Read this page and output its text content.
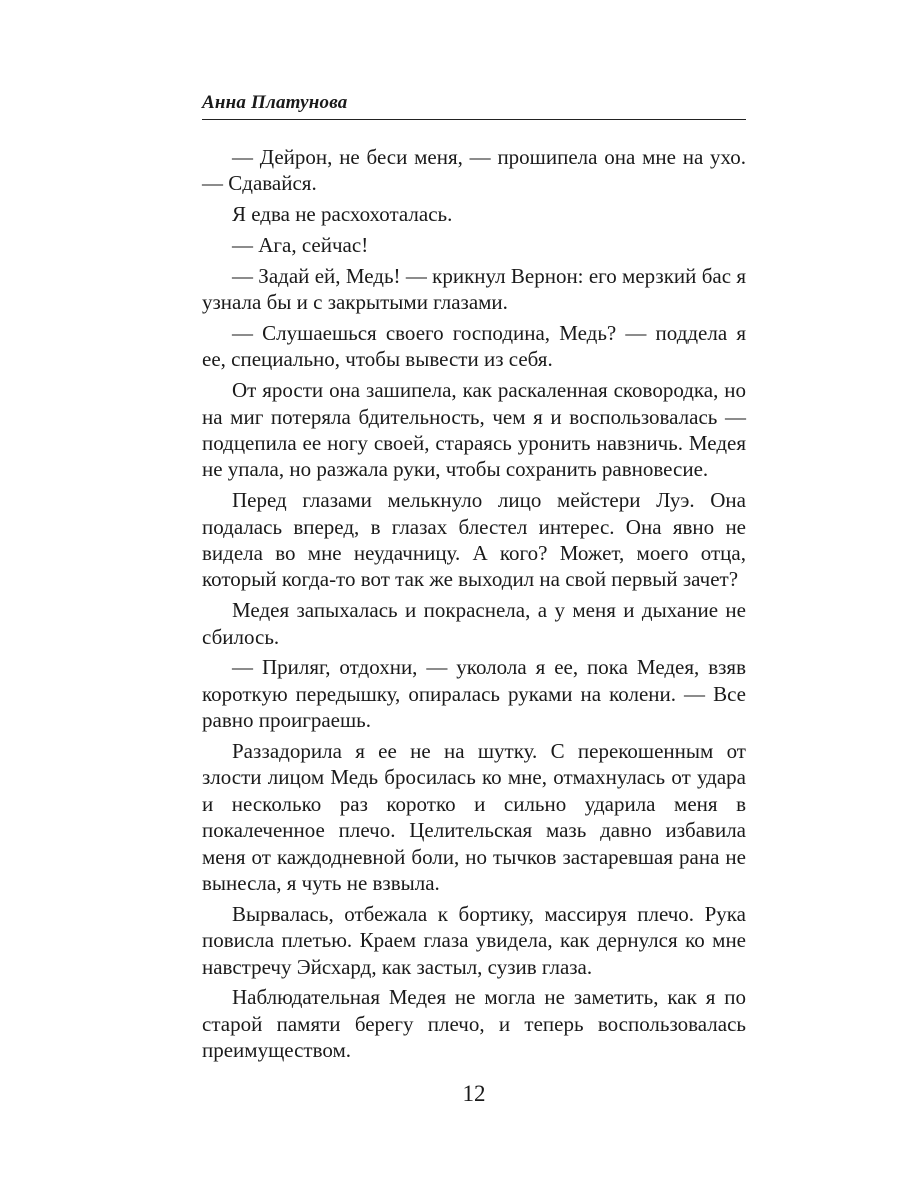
Анна Платунова

— Дейрон, не беси меня, — прошипела она мне на ухо. — Сдавайся.

Я едва не расхохоталась.

— Ага, сейчас!

— Задай ей, Медь! — крикнул Вернон: его мерзкий бас я узнала бы и с закрытыми глазами.

— Слушаешься своего господина, Медь? — поддела я ее, специально, чтобы вывести из себя.

От ярости она зашипела, как раскаленная сковородка, но на миг потеряла бдительность, чем я и воспользовалась — подцепила ее ногу своей, стараясь уронить навзничь. Медея не упала, но разжала руки, чтобы сохранить равновесие.

Перед глазами мелькнуло лицо мейстери Луэ. Она подалась вперед, в глазах блестел интерес. Она явно не видела во мне неудачницу. А кого? Может, моего отца, который когда-то вот так же выходил на свой первый зачет?

Медея запыхалась и покраснела, а у меня и дыхание не сбилось.

— Приляг, отдохни, — уколола я ее, пока Медея, взяв короткую передышку, опиралась руками на колени. — Все равно проиграешь.

Раззадорила я ее не на шутку. С перекошенным от злости лицом Медь бросилась ко мне, отмахнулась от удара и несколько раз коротко и сильно ударила меня в покалеченное плечо. Целительская мазь давно избавила меня от каждодневной боли, но тычков застаревшая рана не вынесла, я чуть не взвыла.

Вырвалась, отбежала к бортику, массируя плечо. Рука повисла плетью. Краем глаза увидела, как дернулся ко мне навстречу Эйсхард, как застыл, сузив глаза.

Наблюдательная Медея не могла не заметить, как я по старой памяти берегу плечо, и теперь воспользовалась преимуществом.

12
